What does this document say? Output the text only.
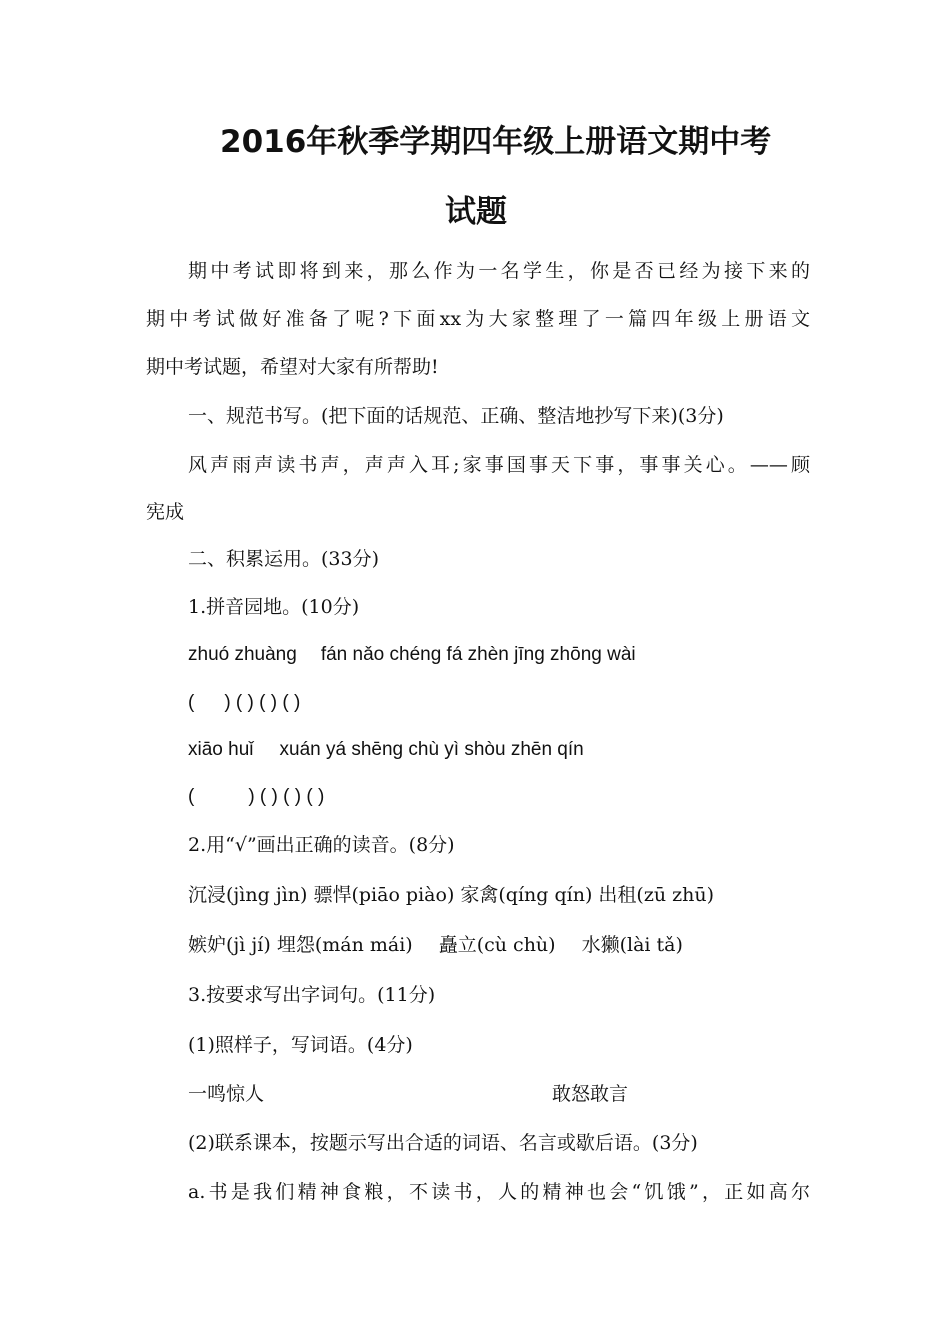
2016年秋季学期四年级上册语文期中考
试题
期中考试即将到来，那么作为一名学生，你是否已经为接下来的
期中考试做好准备了呢?下面xx为大家整理了一篇四年级上册语文
期中考试题，希望对大家有所帮助!
一、规范书写。(把下面的话规范、正确、整洁地抄写下来)(3分)
风声雨声读书声，声声入耳;家事国事天下事，事事关心。——顾
宪成
二、积累运用。(33分)
1.拼音园地。(10分)
zhuó zhuàng fán nǎo chéng fá zhèn jīng zhōng wài
( ) ( ) ( ) ( )
xiāo huǐ xuán yá shēng chù yì shòu zhēn qín
(	) ( ) ( ) ( )
2.用“√”画出正确的读音。(8分)
沉浸(jìng jìn) 骠悍(piāo piào) 家禽(qíng qín) 出租(zū zhū)
嫉妒(jì jí) 埋怨(mán mái) 矗立(cù chù) 水獭(lài tǎ)
3.按要求写出字词句。(11分)
(1)照样子，写词语。(4分)
一鸣惊人	敢怒敢言
(2)联系课本，按题示写出合适的词语、名言或歇后语。(3分)
a.书是我们精神食粮，不读书，人的精神也会“饥饿”，正如高尔
